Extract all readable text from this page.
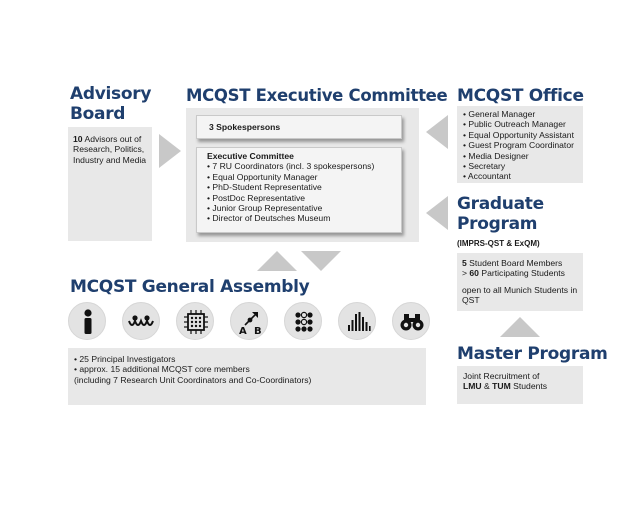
Advisory
Board
10 Advisors out of Research, Politics, Industry and Media
MCQST Executive Committee
3 Spokespersons
Executive Committee
• 7 RU Coordinators (incl. 3 spokespersons)
• Equal Opportunity Manager
• PhD-Student Representative
• PostDoc Representative
• Junior Group Representative
• Director of Deutsches Museum
MCQST Office
• General Manager
• Public Outreach Manager
• Equal Opportunity Assistant
• Guest Program Coordinator
• Media Designer
• Secretary
• Accountant
Graduate
Program
(IMPRS-QST & ExQM)
5 Student Board Members
> 60 Participating Students
open to all Munich Students in QST
MCQST General Assembly
A B
• 25 Principal Investigators
• approx. 15 additional MCQST core members
(including 7 Research Unit Coordinators and Co-Coordinators)
Master Program
Joint Recruitment of
LMU & TUM Students
